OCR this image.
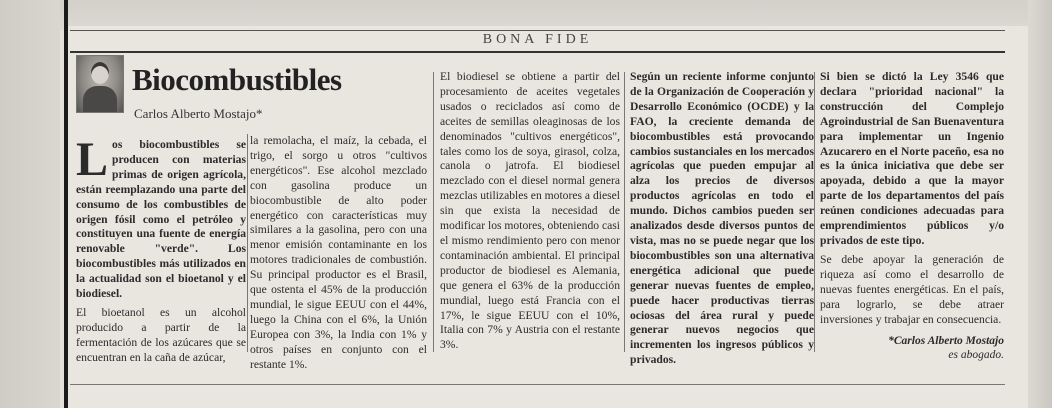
BONA FIDE
Biocombustibles
Carlos Alberto Mostajo*

Los biocombustibles se producen con materias primas de origen agrícola, están reemplazando una parte del consumo de los combustibles de origen fósil como el petróleo y constituyen una fuente de energía renovable "verde". Los biocombustibles más utilizados en la actualidad son el bioetanol y el biodiesel.

El bioetanol es un alcohol producido a partir de la fermentación de los azúcares que se encuentran en la caña de azúcar,

la remolacha, el maíz, la cebada, el trigo, el sorgo u otros "cultivos energéticos". Ese alcohol mezclado con gasolina produce un biocombustible de alto poder energético con características muy similares a la gasolina, pero con una menor emisión contaminante en los motores tradicionales de combustión. Su principal productor es el Brasil, que ostenta el 45% de la producción mundial, le sigue EEUU con el 44%, luego la China con el 6%, la Unión Europea con 3%, la India con 1% y otros países en conjunto con el restante 1%.

El biodiesel se obtiene a partir del procesamiento de aceites vegetales usados o reciclados así como de aceites de semillas oleaginosas de los denominados "cultivos energéticos", tales como los de soya, girasol, colza, canola o jatrofa. El biodiesel mezclado con el diesel normal genera mezclas utilizables en motores a diesel sin que exista la necesidad de modificar los motores, obteniendo casi el mismo rendimiento pero con menor contaminación ambiental. El principal productor de biodiesel es Alemania, que genera el 63% de la producción mundial, luego está Francia con el 17%, le sigue EEUU con el 10%, Italia con 7% y Austria con el restante 3%.

Según un reciente informe conjunto de la Organización de Cooperación y Desarrollo Económico (OCDE) y la FAO, la creciente demanda de biocombustibles está provocando cambios sustanciales en los mercados agrícolas que pueden empujar al alza los precios de diversos productos agrícolas en todo el mundo. Dichos cambios pueden ser analizados desde diversos puntos de vista, mas no se puede negar que los biocombustibles son una alternativa energética adicional que puede generar nuevas fuentes de empleo, puede hacer productivas tierras ociosas del área rural y puede generar nuevos negocios que incrementen los ingresos públicos y privados.

Si bien se dictó la Ley 3546 que declara "prioridad nacional" la construcción del Complejo Agroindustrial de San Buenaventura para implementar un Ingenio Azucarero en el Norte paceño, esa no es la única iniciativa que debe ser apoyada, debido a que la mayor parte de los departamentos del país reúnen condiciones adecuadas para emprendimientos públicos y/o privados de este tipo.

Se debe apoyar la generación de riqueza así como el desarrollo de nuevas fuentes energéticas. En el país, para lograrlo, se debe atraer inversiones y trabajar en consecuencia.

*Carlos Alberto Mostajo
es abogado.
